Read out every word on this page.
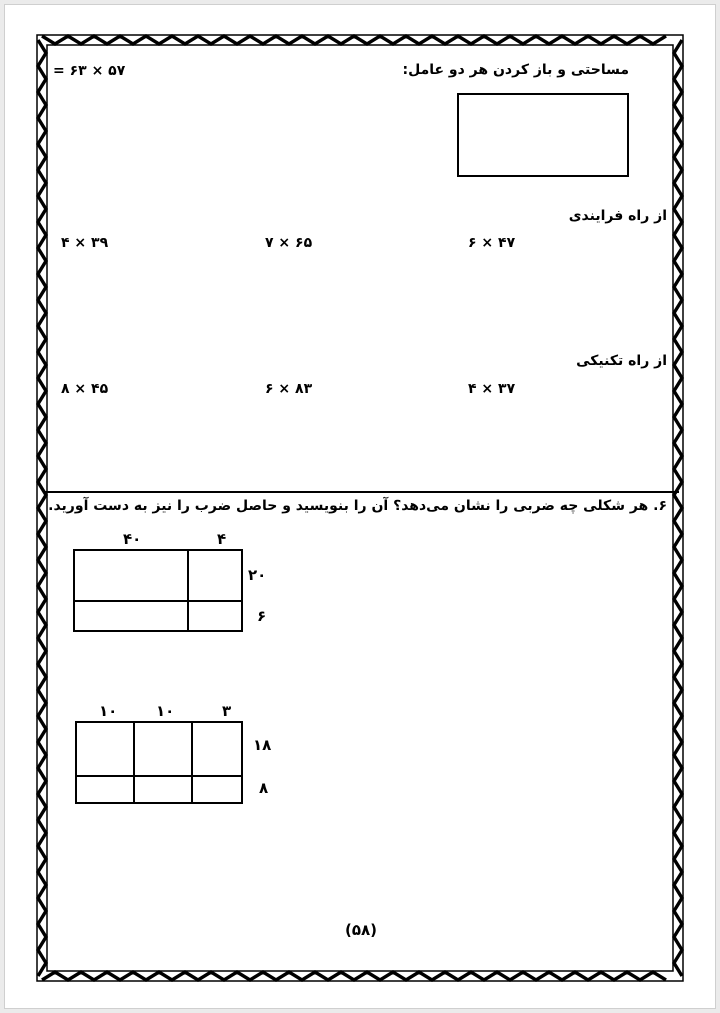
= ۶۳ × ۵۷	مساحتی و باز کردن هر دو عامل:
از راه فرایندی
۶ × ۴۷
۷ × ۶۵
۴ × ۳۹
از راه تکنیکی
۴ × ۳۷
۶ × ۸۳
۸ × ۴۵
۶. هر شکلی چه ضربی را نشان می‌دهد؟ آن را بنویسید و حاصل ضرب را نیز به دست آورید.
۴۰	۴
۲۰
۶
۱۰	۱۰	۳
۱۸
۸
(۵۸)
